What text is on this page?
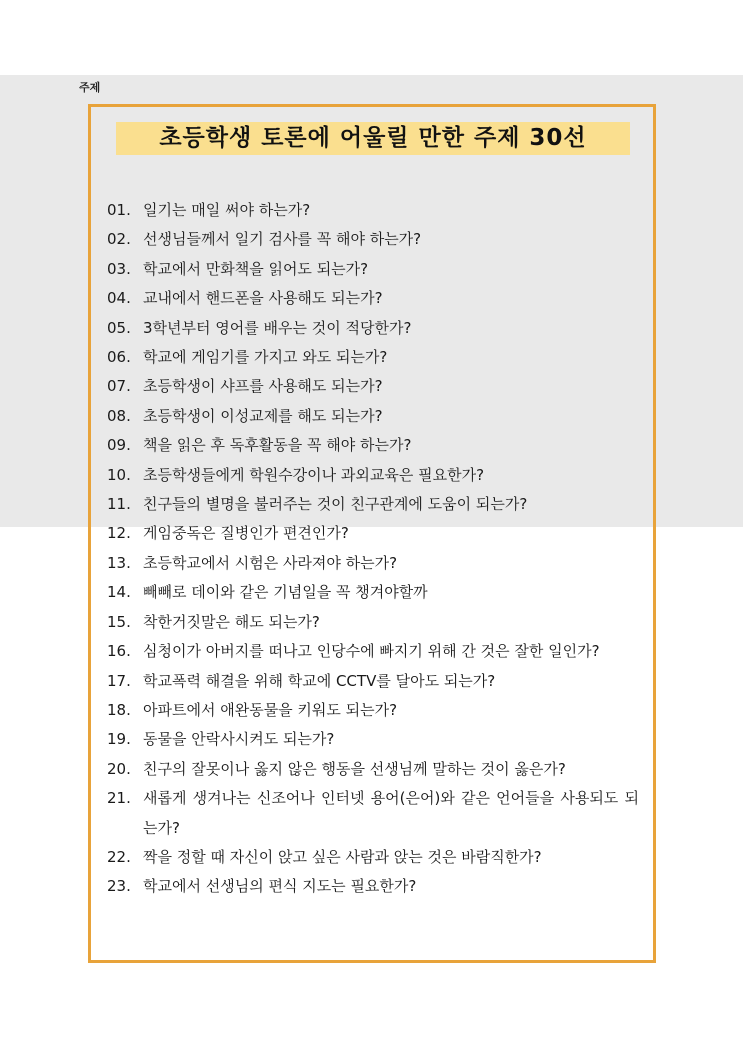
주제
초등학생 토론에 어울릴 만한 주제 30선
01. 일기는 매일 써야 하는가?
02. 선생님들께서 일기 검사를 꼭 해야 하는가?
03. 학교에서 만화책을 읽어도 되는가?
04. 교내에서 핸드폰을 사용해도 되는가?
05. 3학년부터 영어를 배우는 것이 적당한가?
06. 학교에 게임기를 가지고 와도 되는가?
07. 초등학생이 샤프를 사용해도 되는가?
08. 초등학생이 이성교제를 해도 되는가?
09. 책을 읽은 후 독후활동을 꼭 해야 하는가?
10. 초등학생들에게 학원수강이나 과외교육은 필요한가?
11. 친구들의 별명을 불러주는 것이 친구관계에 도움이 되는가?
12. 게임중독은 질병인가 편견인가?
13. 초등학교에서 시험은 사라져야 하는가?
14. 빼빼로 데이와 같은 기념일을 꼭 챙겨야할까
15. 착한거짓말은 해도 되는가?
16. 심청이가 아버지를 떠나고 인당수에 빠지기 위해 간 것은 잘한 일인가?
17. 학교폭력 해결을 위해 학교에 CCTV를 달아도 되는가?
18. 아파트에서 애완동물을 키워도 되는가?
19. 동물을 안락사시켜도 되는가?
20. 친구의 잘못이나 옳지 않은 행동을 선생님께 말하는 것이 옳은가?
21. 새롭게 생겨나는 신조어나 인터넷 용어(은어)와 같은 언어들을 사용되도 되는가?
22. 짝을 정할 때 자신이 앉고 싶은 사람과 앉는 것은 바람직한가?
23. 학교에서 선생님의 편식 지도는 필요한가?
